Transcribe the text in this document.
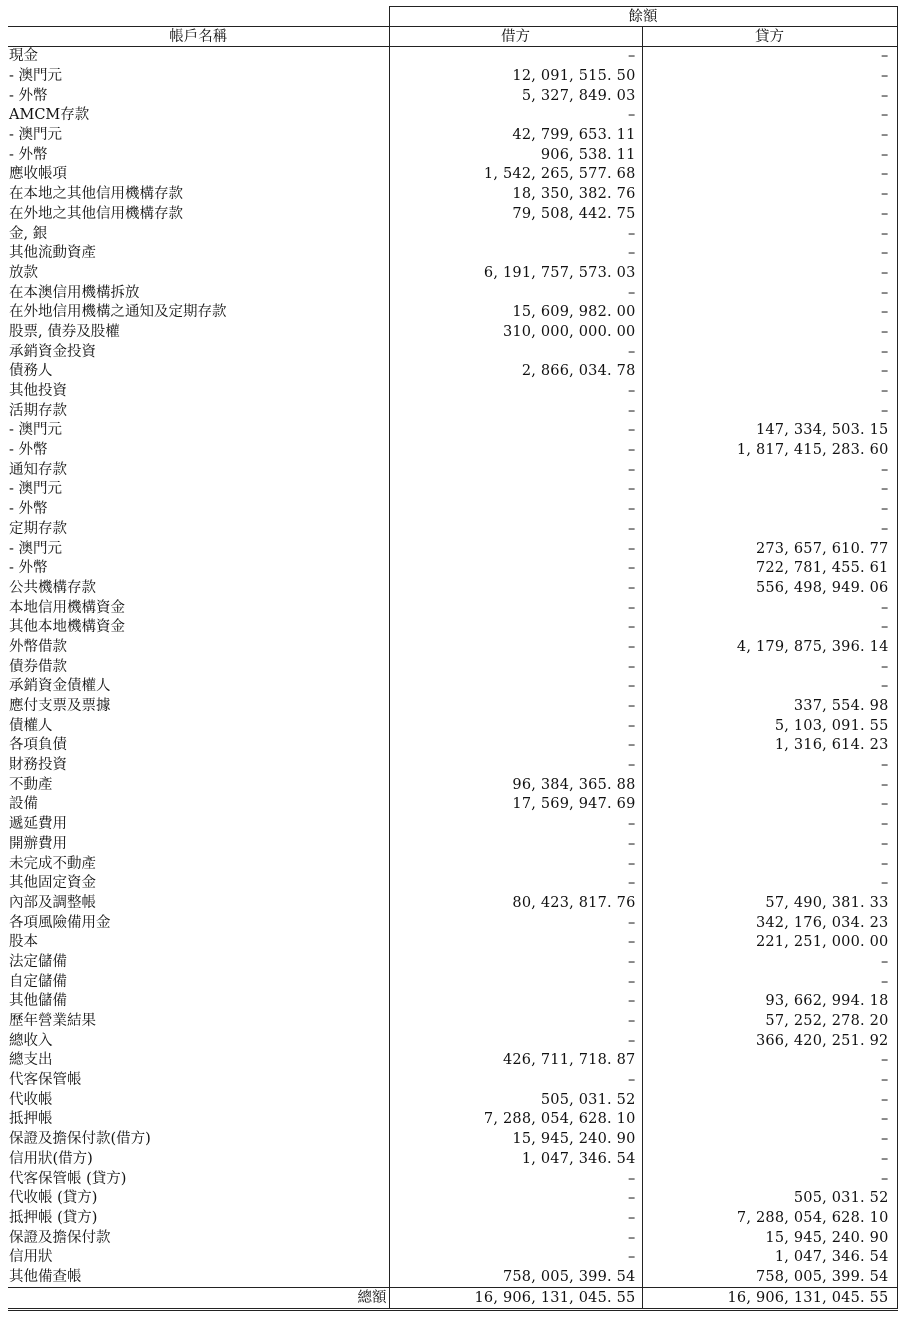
	餘額	
帳戶名稱	借方	貸方
現金	–	–
- 澳門元	12, 091, 515. 50	–
- 外幣	5, 327, 849. 03	–
AMCM存款	–	–
- 澳門元	42, 799, 653. 11	–
- 外幣	906, 538. 11	–
應收帳項	1, 542, 265, 577. 68	–
在本地之其他信用機構存款	18, 350, 382. 76	–
在外地之其他信用機構存款	79, 508, 442. 75	–
金, 銀	–	–
其他流動資產	–	–
放款	6, 191, 757, 573. 03	–
在本澳信用機構拆放	–	–
在外地信用機構之通知及定期存款	15, 609, 982. 00	–
股票, 債券及股權	310, 000, 000. 00	–
承銷資金投資	–	–
債務人	2, 866, 034. 78	–
其他投資	–	–
活期存款	–	–
- 澳門元	–	147, 334, 503. 15
- 外幣	–	1, 817, 415, 283. 60
通知存款	–	–
- 澳門元	–	–
- 外幣	–	–
定期存款	–	–
- 澳門元	–	273, 657, 610. 77
- 外幣	–	722, 781, 455. 61
公共機構存款	–	556, 498, 949. 06
本地信用機構資金	–	–
其他本地機構資金	–	–
外幣借款	–	4, 179, 875, 396. 14
債券借款	–	–
承銷資金債權人	–	–
應付支票及票據	–	337, 554. 98
債權人	–	5, 103, 091. 55
各項負債	–	1, 316, 614. 23
財務投資	–	–
不動產	96, 384, 365. 88	–
設備	17, 569, 947. 69	–
遞延費用	–	–
開辦費用	–	–
未完成不動產	–	–
其他固定資金	–	–
內部及調整帳	80, 423, 817. 76	57, 490, 381. 33
各項風險備用金	–	342, 176, 034. 23
股本	–	221, 251, 000. 00
法定儲備	–	–
自定儲備	–	–
其他儲備	–	93, 662, 994. 18
歷年營業結果	–	57, 252, 278. 20
總收入	–	366, 420, 251. 92
總支出	426, 711, 718. 87	–
代客保管帳	–	–
代收帳	505, 031. 52	–
抵押帳	7, 288, 054, 628. 10	–
保證及擔保付款(借方)	15, 945, 240. 90	–
信用狀(借方)	1, 047, 346. 54	–
代客保管帳 (貸方)	–	–
代收帳 (貸方)	–	505, 031. 52
抵押帳 (貸方)	–	7, 288, 054, 628. 10
保證及擔保付款	–	15, 945, 240. 90
信用狀	–	1, 047, 346. 54
其他備查帳	758, 005, 399. 54	758, 005, 399. 54
總額	16, 906, 131, 045. 55	16, 906, 131, 045. 55
